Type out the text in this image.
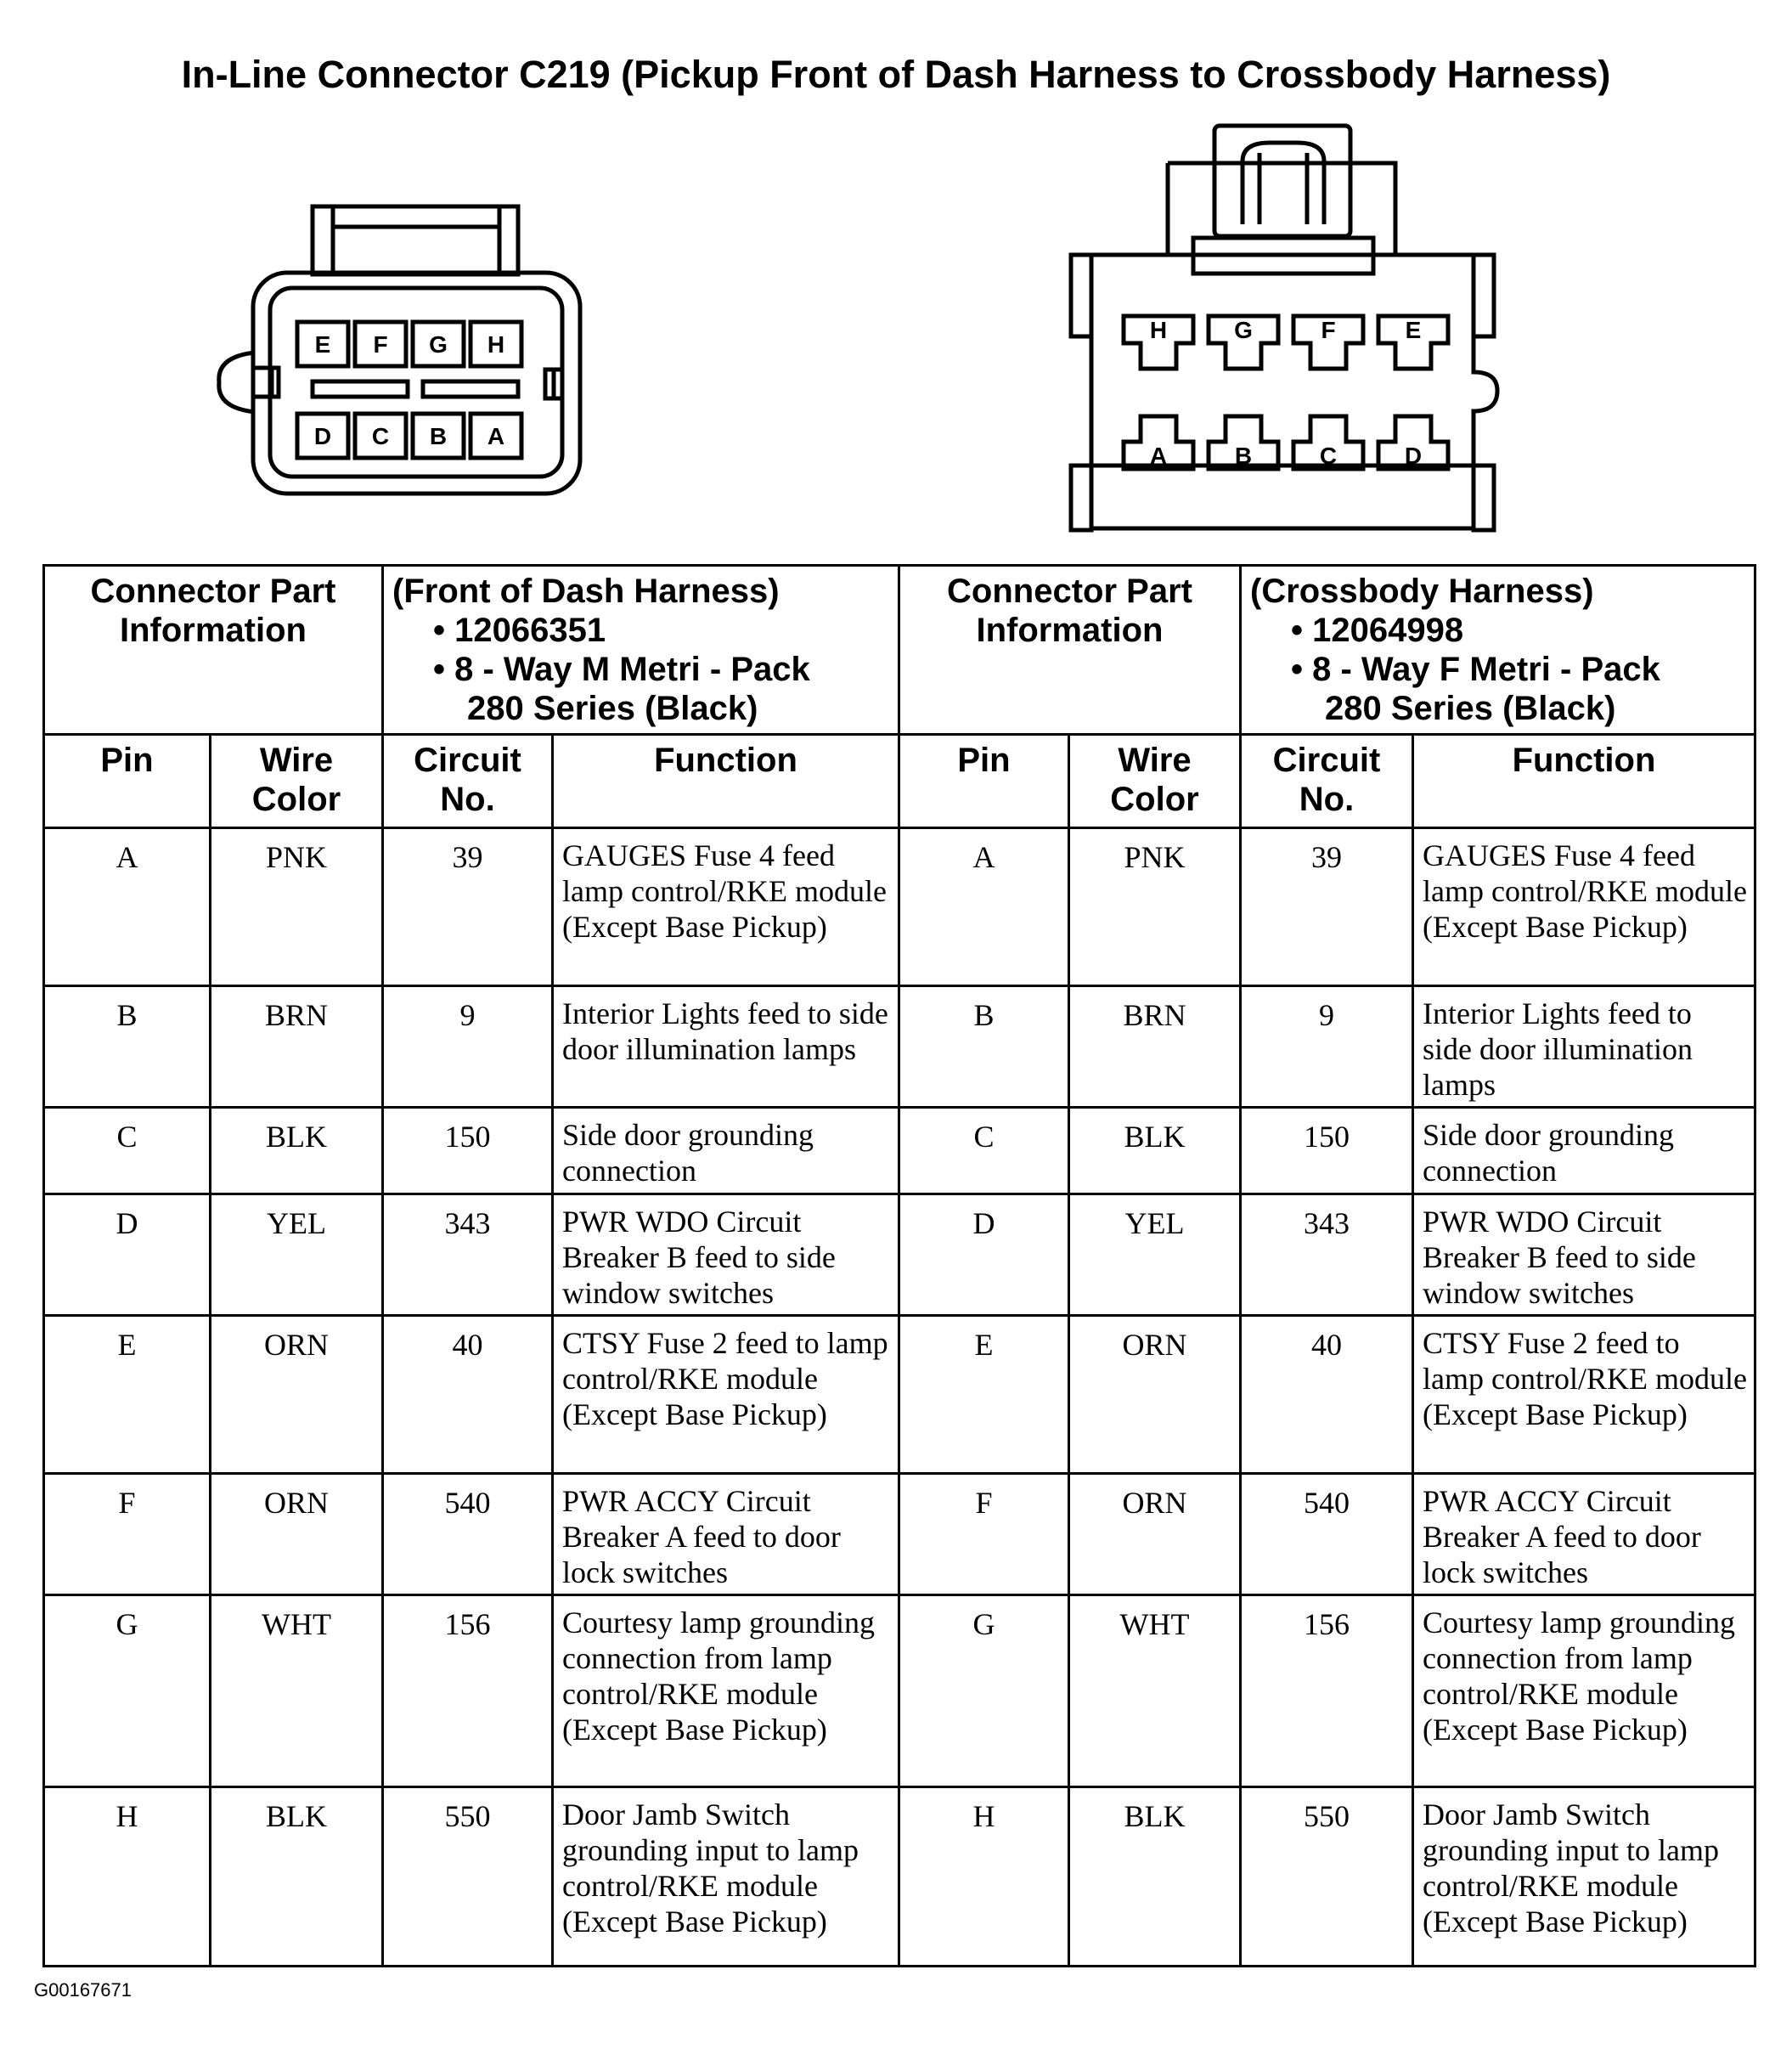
In-Line Connector C219 (Pickup Front of Dash Harness to Crossbody Harness)
E F G H
D C B A
H	G	F	E
A	B	C	D
Connector Part Information		(Front of Dash Harness)
• 12066351
• 8 - Way M Metri - Pack
280 Series (Black)		Connector Part Information		(Crossbody Harness)
• 12064998
• 8 - Way F Metri - Pack
280 Series (Black)	

Pin	Wire Color	Circuit No.	Function	Pin	Wire Color	Circuit No.	Function
A	PNK	39	GAUGES Fuse 4 feed lamp control/RKE module (Except Base Pickup)	A	PNK	39	GAUGES Fuse 4 feed lamp control/RKE module (Except Base Pickup)
B	BRN	9	Interior Lights feed to side door illumination lamps	B	BRN	9	Interior Lights feed to side door illumination lamps
C	BLK	150	Side door grounding connection	C	BLK	150	Side door grounding connection
D	YEL	343	PWR WDO Circuit Breaker B feed to side window switches	D	YEL	343	PWR WDO Circuit Breaker B feed to side window switches
E	ORN	40	CTSY Fuse 2 feed to lamp control/RKE module (Except Base Pickup)	E	ORN	40	CTSY Fuse 2 feed to lamp control/RKE module (Except Base Pickup)
F	ORN	540	PWR ACCY Circuit Breaker A feed to door lock switches	F	ORN	540	PWR ACCY Circuit Breaker A feed to door lock switches
G	WHT	156	Courtesy lamp grounding connection from lamp control/RKE module (Except Base Pickup)	G	WHT	156	Courtesy lamp grounding connection from lamp control/RKE module (Except Base Pickup)
H	BLK	550	Door Jamb Switch grounding input to lamp control/RKE module (Except Base Pickup)	H	BLK	550	Door Jamb Switch grounding input to lamp control/RKE module (Except Base Pickup)
G00167671
